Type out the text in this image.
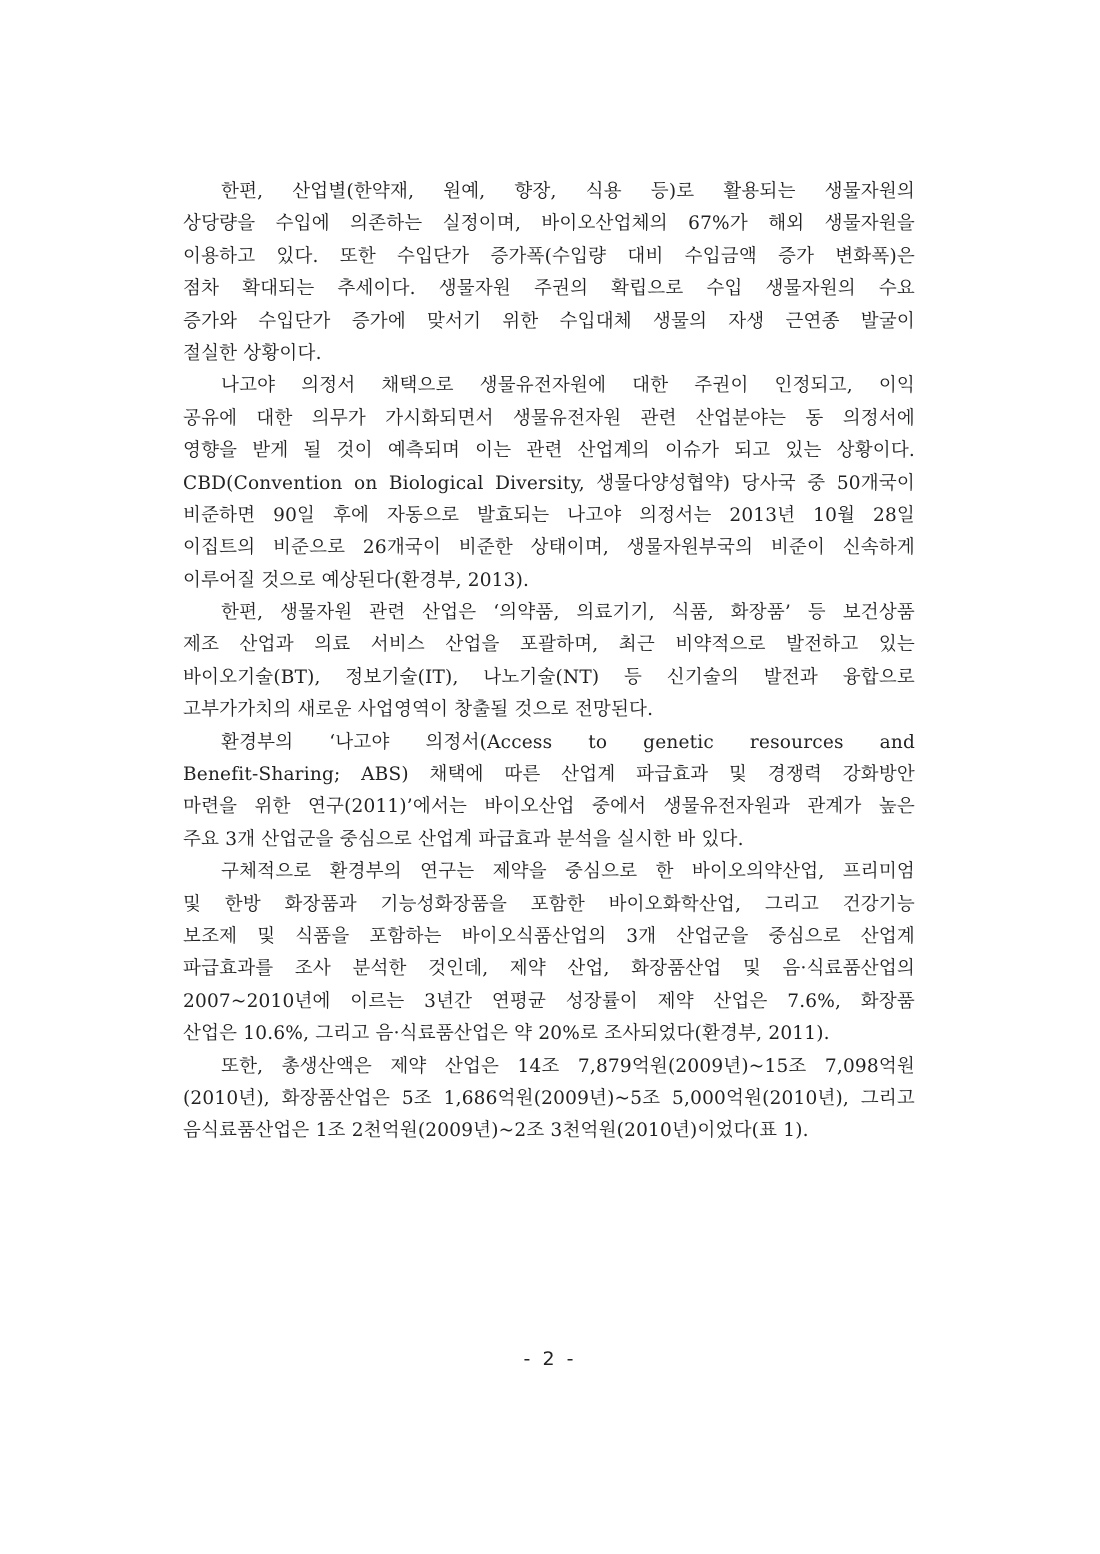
한편, 산업별(한약재, 원예, 향장, 식용 등)로 활용되는 생물자원의
상당량을 수입에 의존하는 실정이며, 바이오산업체의 67%가 해외 생물자원을
이용하고 있다. 또한 수입단가 증가폭(수입량 대비 수입금액 증가 변화폭)은
점차 확대되는 추세이다. 생물자원 주권의 확립으로 수입 생물자원의 수요
증가와 수입단가 증가에 맞서기 위한 수입대체 생물의 자생 근연종 발굴이
절실한 상황이다.
나고야 의정서 채택으로 생물유전자원에 대한 주권이 인정되고, 이익
공유에 대한 의무가 가시화되면서 생물유전자원 관련 산업분야는 동 의정서에
영향을 받게 될 것이 예측되며 이는 관련 산업계의 이슈가 되고 있는 상황이다.
CBD(Convention on Biological Diversity, 생물다양성협약) 당사국 중 50개국이
비준하면 90일 후에 자동으로 발효되는 나고야 의정서는 2013년 10월 28일
이집트의 비준으로 26개국이 비준한 상태이며, 생물자원부국의 비준이 신속하게
이루어질 것으로 예상된다(환경부, 2013).
한편, 생물자원 관련 산업은 ‘의약품, 의료기기, 식품, 화장품’ 등 보건상품
제조 산업과 의료 서비스 산업을 포괄하며, 최근 비약적으로 발전하고 있는
바이오기술(BT), 정보기술(IT), 나노기술(NT) 등 신기술의 발전과 융합으로
고부가가치의 새로운 사업영역이 창출될 것으로 전망된다.
환경부의 ‘나고야 의정서(Access to genetic resources and
Benefit-Sharing; ABS) 채택에 따른 산업계 파급효과 및 경쟁력 강화방안
마련을 위한 연구(2011)’에서는 바이오산업 중에서 생물유전자원과 관계가 높은
주요 3개 산업군을 중심으로 산업계 파급효과 분석을 실시한 바 있다.
구체적으로 환경부의 연구는 제약을 중심으로 한 바이오의약산업, 프리미엄
및 한방 화장품과 기능성화장품을 포함한 바이오화학산업, 그리고 건강기능
보조제 및 식품을 포함하는 바이오식품산업의 3개 산업군을 중심으로 산업계
파급효과를 조사 분석한 것인데, 제약 산업, 화장품산업 및 음·식료품산업의
2007~2010년에 이르는 3년간 연평균 성장률이 제약 산업은 7.6%, 화장품
산업은 10.6%, 그리고 음·식료품산업은 약 20%로 조사되었다(환경부, 2011).
또한, 총생산액은 제약 산업은 14조 7,879억원(2009년)~15조 7,098억원
(2010년), 화장품산업은 5조 1,686억원(2009년)~5조 5,000억원(2010년), 그리고
음식료품산업은 1조 2천억원(2009년)~2조 3천억원(2010년)이었다(표 1).
- 2 -
